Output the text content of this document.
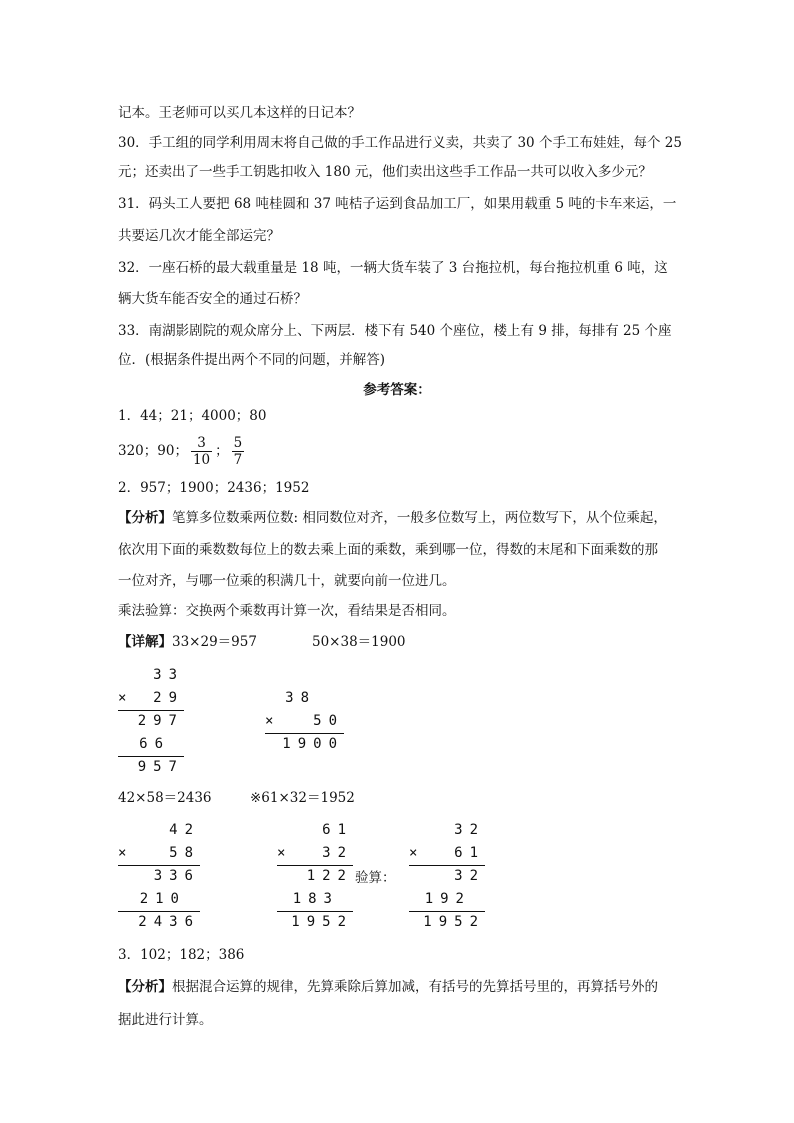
记本。王老师可以买几本这样的日记本？
30．手工组的同学利用周末将自己做的手工作品进行义卖，共卖了 30 个手工布娃娃，每个 25
元；还卖出了一些手工钥匙扣收入 180 元，他们卖出这些手工作品一共可以收入多少元？
31．码头工人要把 68 吨桂圆和 37 吨桔子运到食品加工厂，如果用载重 5 吨的卡车来运，一
共要运几次才能全部运完？
32．一座石桥的最大载重量是 18 吨，一辆大货车装了 3 台拖拉机，每台拖拉机重 6 吨，这
辆大货车能否安全的通过石桥？
33．南湖影剧院的观众席分上、下两层．楼下有 540 个座位，楼上有 9 排，每排有 25 个座
位．(根据条件提出两个不同的问题，并解答)
参考答案：
1．44；21；4000；80
320；90； $\frac{3}{10}$ ； $\frac{5}{7}$
2．957；1900；2436；1952
【分析】笔算多位数乘两位数: 相同数位对齐，一般多位数写上，两位数写下，从个位乘起，
依次用下面的乘数数每位上的数去乘上面的乘数，乘到哪一位，得数的末尾和下面乘数的那
一位对齐，与哪一位乘的积满几十，就要向前一位进几。
乘法验算：交换两个乘数再计算一次，看结果是否相同。
【详解】33×29＝957	50×38＝1900
33
× 29
297
66
957
38
×	50
1900
42×58＝2436	※61×32＝1952
42
×	58
336
210
2436
61
×	32
122
183
1952
验算：
32
×	61
32
192
1952
3．102；182；386
【分析】根据混合运算的规律，先算乘除后算加减，有括号的先算括号里的，再算括号外的
据此进行计算。
